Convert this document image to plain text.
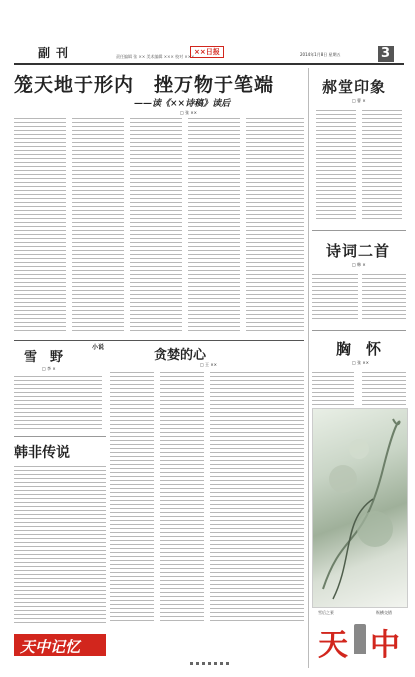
副刊	3
2014年1月8日 星期五
责任编辑 张 ×× 美术编辑 ××× 校对 ×××
××日报
笼天地于形内　挫万物于笔端
——读《××诗稿》读后
□ 张 ××
郝堂印象
□ 曹 ×
诗词二首
□ 韩 ×
胸　怀
□ 张 ××
雪　野
□ 李 ×
韩非传说
小说
贪婪的心
□ 王 ××
雪后之景	纵横交错
天中记忆	天 中
